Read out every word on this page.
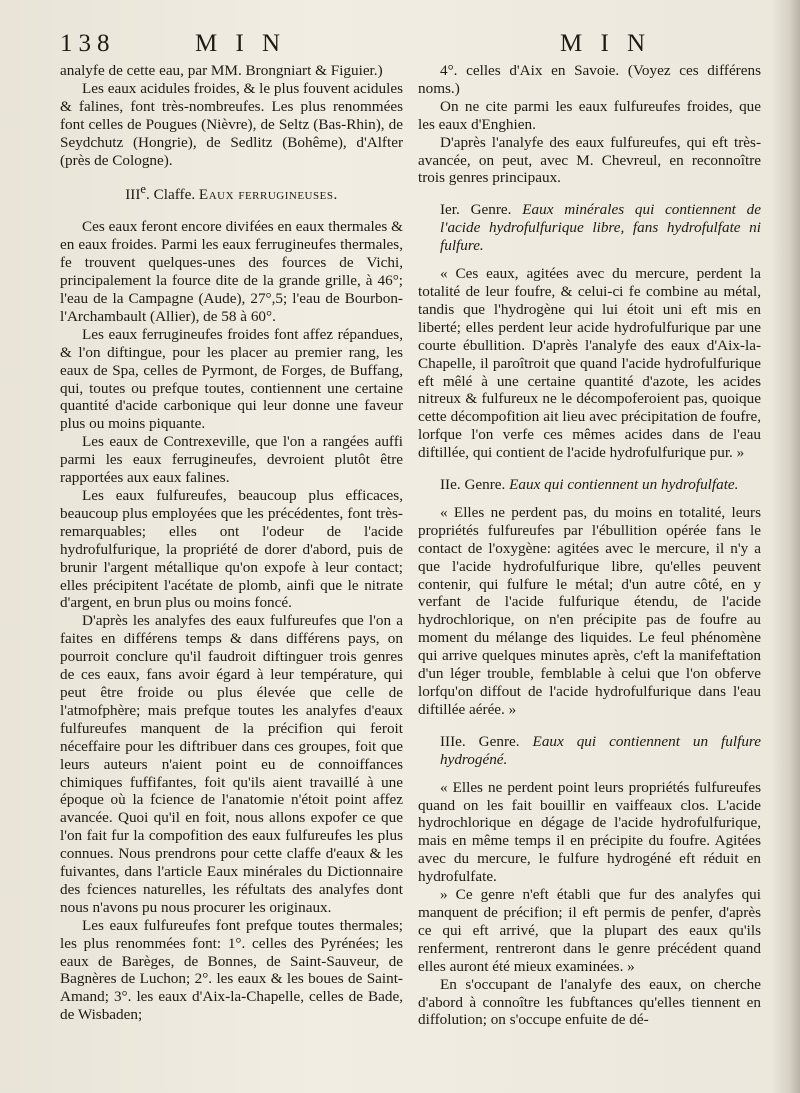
138	M I N	M I N

analyfe de cette eau, par MM. Brongniart & Figuier.)

Les eaux acidules froides, & le plus fouvent acidules & falines, font très-nombreufes. Les plus renommées font celles de Pougues (Nièvre), de Seltz (Bas-Rhin), de Seydchutz (Hongrie), de Sedlitz (Bohême), d'Alfter (près de Cologne).

IIIe. Claffe. Eaux ferrugineuses.

Ces eaux feront encore divifées en eaux thermales & en eaux froides. Parmi les eaux ferrugineufes thermales, fe trouvent quelques-unes des fources de Vichi, principalement la fource dite de la grande grille, à 46°; l'eau de la Campagne (Aude), 27°,5; l'eau de Bourbon-l'Archambault (Allier), de 58 à 60°.

Les eaux ferrugineufes froides font affez répandues, & l'on diftingue, pour les placer au premier rang, les eaux de Spa, celles de Pyrmont, de Forges, de Buffang, qui, toutes ou prefque toutes, contiennent une certaine quantité d'acide carbonique qui leur donne une faveur plus ou moins piquante.

Les eaux de Contrexeville, que l'on a rangées auffi parmi les eaux ferrugineufes, devroient plutôt être rapportées aux eaux falines.

Les eaux fulfureufes, beaucoup plus efficaces, beaucoup plus employées que les précédentes, font très-remarquables; elles ont l'odeur de l'acide hydrofulfurique, la propriété de dorer d'abord, puis de brunir l'argent métallique qu'on expofe à leur contact; elles précipitent l'acétate de plomb, ainfi que le nitrate d'argent, en brun plus ou moins foncé.

D'après les analyfes des eaux fulfureufes que l'on a faites en différens temps & dans différens pays, on pourroit conclure qu'il faudroit diftinguer trois genres de ces eaux, fans avoir égard à leur température, qui peut être froide ou plus élevée que celle de l'atmofphère; mais prefque toutes les analyfes d'eaux fulfureufes manquent de la précifion qui feroit néceffaire pour les diftribuer dans ces groupes, foit que leurs auteurs n'aient point eu de connoiffances chimiques fuffifantes, foit qu'ils aient travaillé à une époque où la fcience de l'anatomie n'étoit point affez avancée. Quoi qu'il en foit, nous allons expofer ce que l'on fait fur la compofition des eaux fulfureufes les plus connues. Nous prendrons pour cette claffe d'eaux & les fuivantes, dans l'article Eaux minérales du Dictionnaire des fciences naturelles, les réfultats des analyfes dont nous n'avons pu nous procurer les originaux.

Les eaux fulfureufes font prefque toutes thermales; les plus renommées font: 1°. celles des Pyrénées; les eaux de Barèges, de Bonnes, de Saint-Sauveur, de Bagnères de Luchon; 2°. les eaux & les boues de Saint-Amand; 3°. les eaux d'Aix-la-Chapelle, celles de Bade, de Wisbaden;

4°. celles d'Aix en Savoie. (Voyez ces différens noms.)

On ne cite parmi les eaux fulfureufes froides, que les eaux d'Enghien.

D'après l'analyfe des eaux fulfureufes, qui eft très-avancée, on peut, avec M. Chevreul, en reconnoître trois genres principaux.

Ier. Genre. Eaux minérales qui contiennent de l'acide hydrofulfurique libre, fans hydrofulfate ni fulfure.

« Ces eaux, agitées avec du mercure, perdent la totalité de leur foufre, & celui-ci fe combine au métal, tandis que l'hydrogène qui lui étoit uni eft mis en liberté; elles perdent leur acide hydrofulfurique par une courte ébullition. D'après l'analyfe des eaux d'Aix-la-Chapelle, il paroîtroit que quand l'acide hydrofulfurique eft mêlé à une certaine quantité d'azote, les acides nitreux & fulfureux ne le décompoferoient pas, quoique cette décompofition ait lieu avec précipitation de foufre, lorfque l'on verfe ces mêmes acides dans de l'eau diftillée, qui contient de l'acide hydrofulfurique pur. »

IIe. Genre. Eaux qui contiennent un hydrofulfate.

« Elles ne perdent pas, du moins en totalité, leurs propriétés fulfureufes par l'ébullition opérée fans le contact de l'oxygène: agitées avec le mercure, il n'y a que l'acide hydrofulfurique libre, qu'elles peuvent contenir, qui fulfure le métal; d'un autre côté, en y verfant de l'acide fulfurique étendu, de l'acide hydrochlorique, on n'en précipite pas de foufre au moment du mélange des liquides. Le feul phénomène qui arrive quelques minutes après, c'eft la manifeftation d'un léger trouble, femblable à celui que l'on obferve lorfqu'on diffout de l'acide hydrofulfurique dans l'eau diftillée aérée. »

IIIe. Genre. Eaux qui contiennent un fulfure hydrogéné.

« Elles ne perdent point leurs propriétés fulfureufes quand on les fait bouillir en vaiffeaux clos. L'acide hydrochlorique en dégage de l'acide hydrofulfurique, mais en même temps il en précipite du foufre. Agitées avec du mercure, le fulfure hydrogéné eft réduit en hydrofulfate.

» Ce genre n'eft établi que fur des analyfes qui manquent de précifion; il eft permis de penfer, d'après ce qui eft arrivé, que la plupart des eaux qu'ils renferment, rentreront dans le genre précédent quand elles auront été mieux examinées. »

En s'occupant de l'analyfe des eaux, on cherche d'abord à connoître les fubftances qu'elles tiennent en diffolution; on s'occupe enfuite de dé-
